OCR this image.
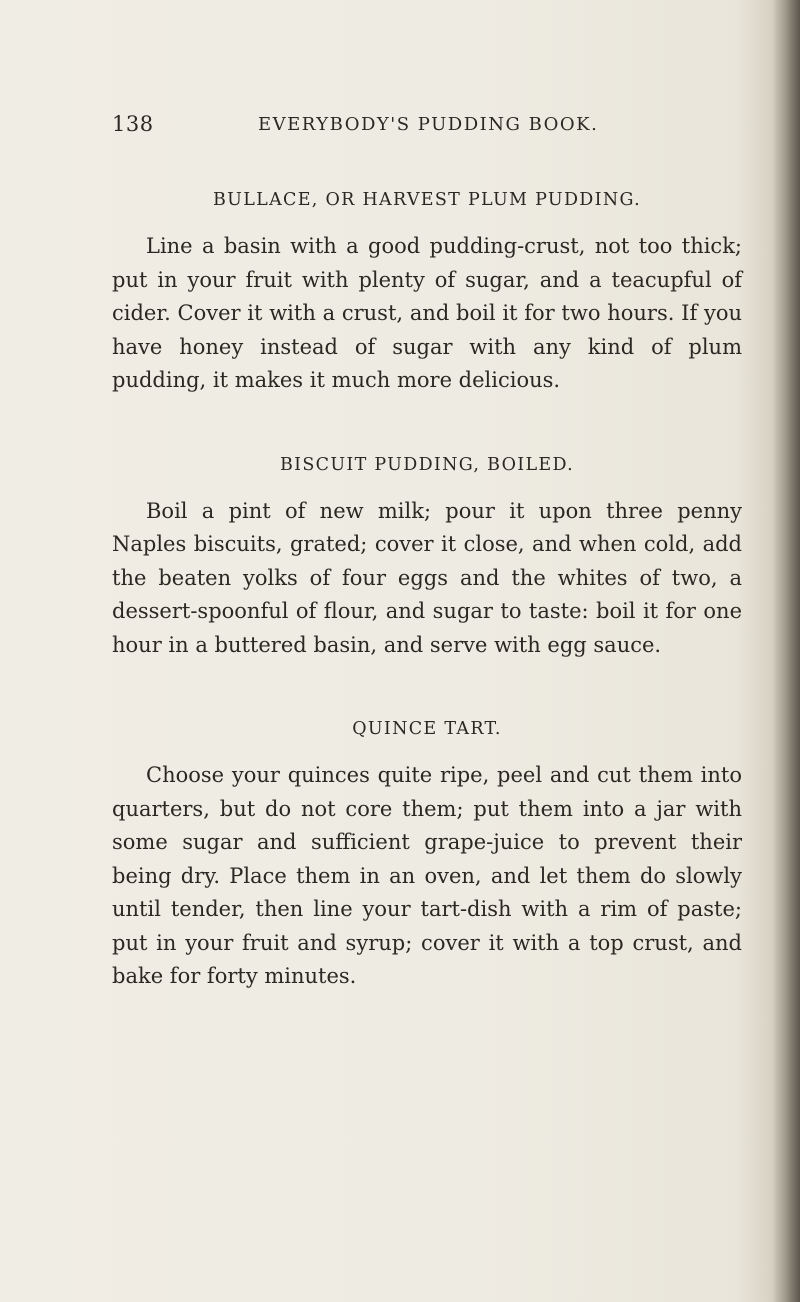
138	EVERYBODY'S PUDDING BOOK.
BULLACE, OR HARVEST PLUM PUDDING.

Line a basin with a good pudding-crust, not too thick; put in your fruit with plenty of sugar, and a teacupful of cider. Cover it with a crust, and boil it for two hours. If you have honey instead of sugar with any kind of plum pudding, it makes it much more delicious.

BISCUIT PUDDING, BOILED.

Boil a pint of new milk; pour it upon three penny Naples biscuits, grated; cover it close, and when cold, add the beaten yolks of four eggs and the whites of two, a dessert-spoonful of flour, and sugar to taste: boil it for one hour in a buttered basin, and serve with egg sauce.

QUINCE TART.

Choose your quinces quite ripe, peel and cut them into quarters, but do not core them; put them into a jar with some sugar and sufficient grape-juice to prevent their being dry. Place them in an oven, and let them do slowly until tender, then line your tart-dish with a rim of paste; put in your fruit and syrup; cover it with a top crust, and bake for forty minutes.
